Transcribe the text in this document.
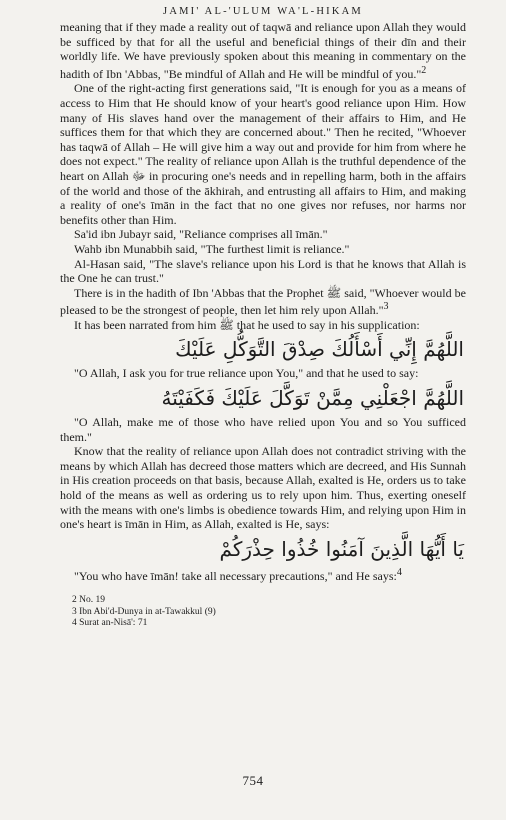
JAMI' AL-'ULUM WA'L-HIKAM

meaning that if they made a reality out of taqwā and reliance upon Allah they would be sufficed by that for all the useful and beneficial things of their dīn and their worldly life. We have previously spoken about this meaning in commentary on the hadith of Ibn 'Abbas, "Be mindful of Allah and He will be mindful of you."$^2$

One of the right-acting first generations said, "It is enough for you as a means of access to Him that He should know of your heart's good reliance upon Him. How many of His slaves hand over the management of their affairs to Him, and He suffices them for that which they are concerned about." Then he recited, "Whoever has taqwā of Allah – He will give him a way out and provide for him from where he does not expect." The reality of reliance upon Allah is the truthful dependence of the heart on Allah ﷻ in procuring one's needs and in repelling harm, both in the affairs of the world and those of the ākhirah, and entrusting all affairs to Him, and making a reality of one's īmān in the fact that no one gives nor refuses, nor harms nor benefits other than Him.

Sa'id ibn Jubayr said, "Reliance comprises all īmān."

Wahb ibn Munabbih said, "The furthest limit is reliance."

Al-Hasan said, "The slave's reliance upon his Lord is that he knows that Allah is the One he can trust."

There is in the hadith of Ibn 'Abbas that the Prophet ﷺ said, "Whoever would be pleased to be the strongest of people, then let him rely upon Allah."$^3$

It has been narrated from him ﷺ that he used to say in his supplication:

اللَّهُمَّ إِنِّي أَسْأَلُكَ صِدْقَ التَّوَكُّلِ عَلَيْكَ

"O Allah, I ask you for true reliance upon You," and that he used to say:

اللَّهُمَّ اجْعَلْنِي مِمَّنْ تَوَكَّلَ عَلَيْكَ فَكَفَيْتَهُ

"O Allah, make me of those who have relied upon You and so You sufficed them."

Know that the reality of reliance upon Allah does not contradict striving with the means by which Allah has decreed those matters which are decreed, and His Sunnah in His creation proceeds on that basis, because Allah, exalted is He, orders us to take hold of the means as well as ordering us to rely upon him. Thus, exerting oneself with the means with one's limbs is obedience towards Him, and relying upon Him in one's heart is īmān in Him, as Allah, exalted is He, says:

يَا أَيُّهَا الَّذِينَ آمَنُوا خُذُوا حِذْرَكُمْ

"You who have īmān! take all necessary precautions," and He says:$^4$

2 No. 19
3 Ibn Abi'd-Dunya in at-Tawakkul (9)
4 Surat an-Nisā': 71
754
